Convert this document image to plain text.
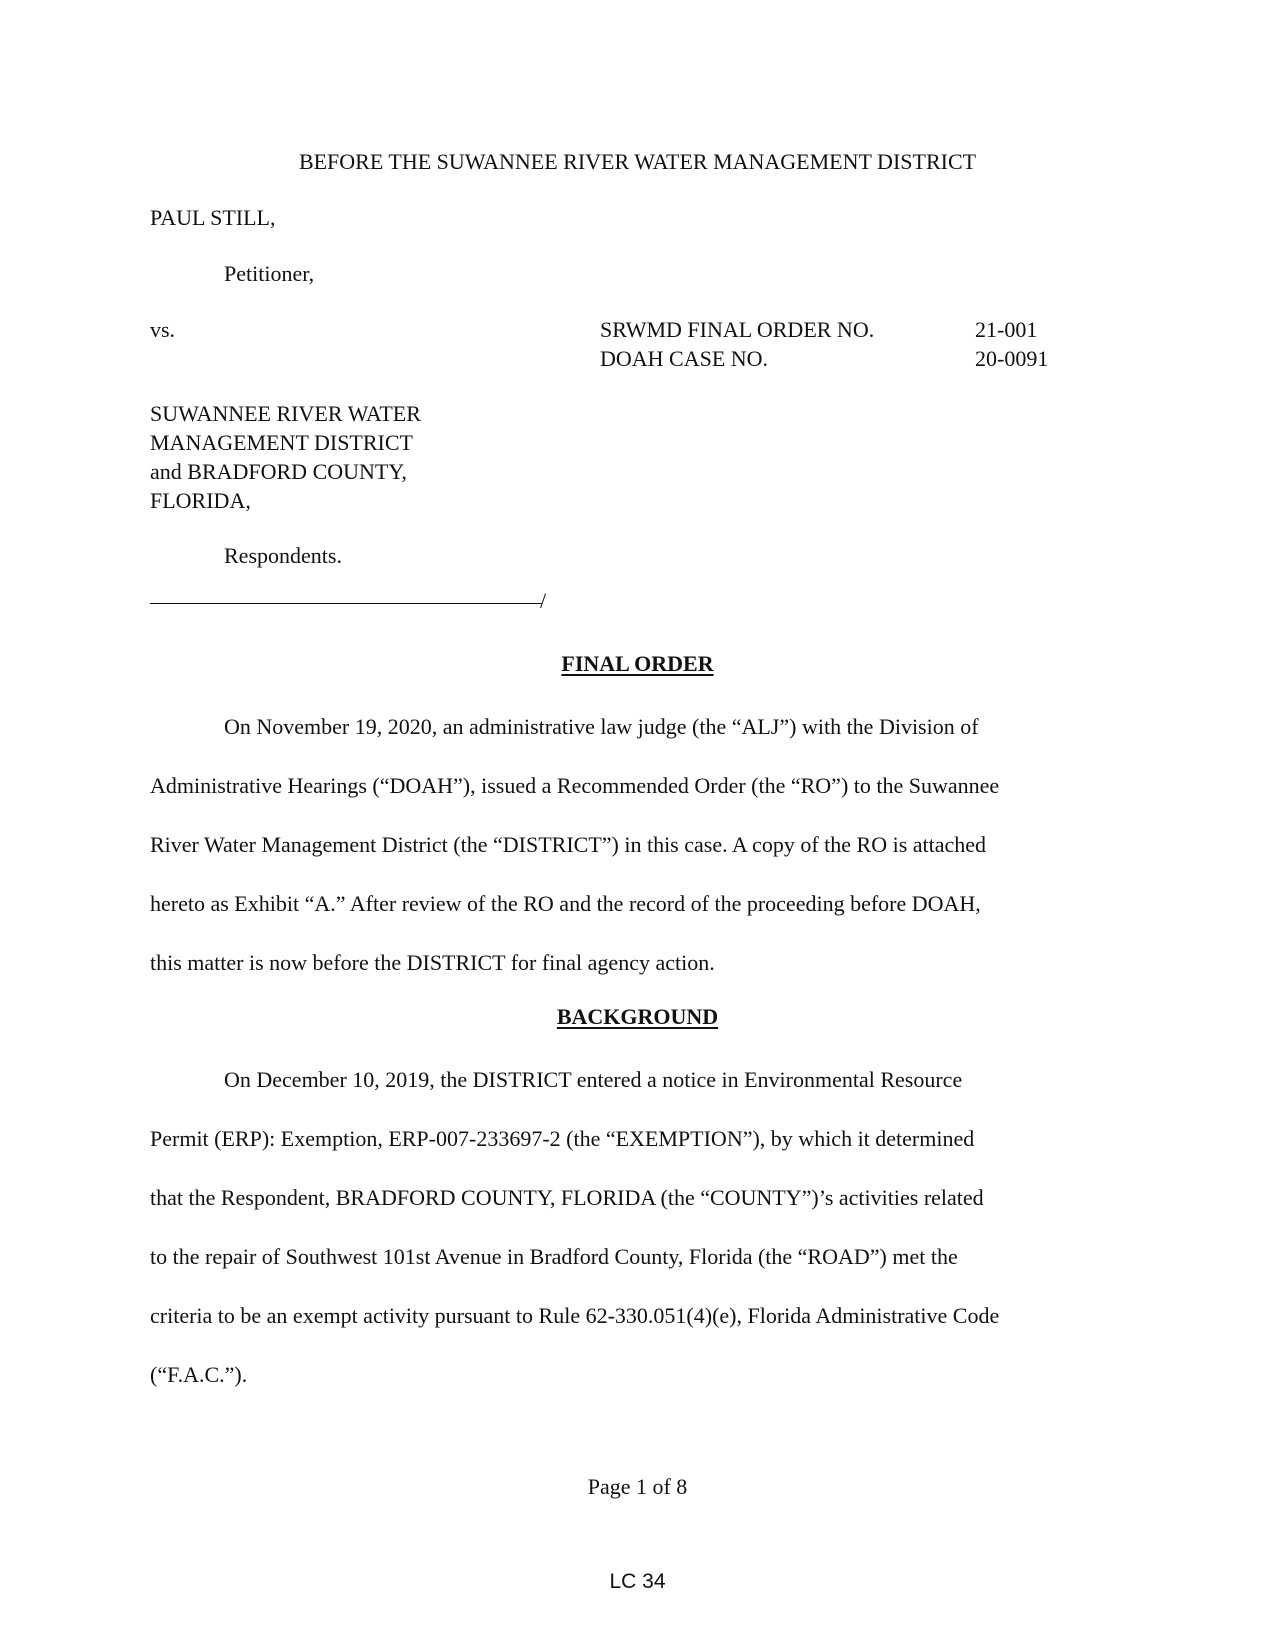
BEFORE THE SUWANNEE RIVER WATER MANAGEMENT DISTRICT
PAUL STILL,
Petitioner,
vs.	SRWMD FINAL ORDER NO.	21-001
DOAH CASE NO.	20-0091
SUWANNEE RIVER WATER
MANAGEMENT DISTRICT
and BRADFORD COUNTY,
FLORIDA,
Respondents.
/
FINAL ORDER
On November 19, 2020, an administrative law judge (the “ALJ”) with the Division of
Administrative Hearings (“DOAH”), issued a Recommended Order (the “RO”) to the Suwannee
River Water Management District (the “DISTRICT”) in this case. A copy of the RO is attached
hereto as Exhibit “A.” After review of the RO and the record of the proceeding before DOAH,
this matter is now before the DISTRICT for final agency action.
BACKGROUND
On December 10, 2019, the DISTRICT entered a notice in Environmental Resource
Permit (ERP): Exemption, ERP-007-233697-2 (the “EXEMPTION”), by which it determined
that the Respondent, BRADFORD COUNTY, FLORIDA (the “COUNTY”)’s activities related
to the repair of Southwest 101st Avenue in Bradford County, Florida (the “ROAD”) met the
criteria to be an exempt activity pursuant to Rule 62-330.051(4)(e), Florida Administrative Code
(“F.A.C.”).
Page 1 of 8
LC 34
